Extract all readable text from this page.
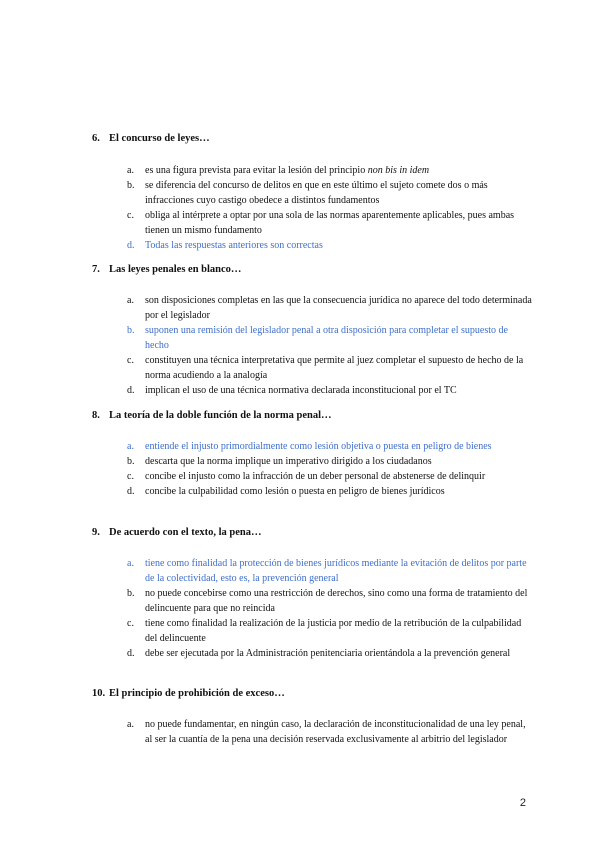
6. El concurso de leyes…

a. es una figura prevista para evitar la lesión del principio non bis in idem
b. se diferencia del concurso de delitos en que en este último el sujeto comete dos o más infracciones cuyo castigo obedece a distintos fundamentos
c. obliga al intérprete a optar por una sola de las normas aparentemente aplicables, pues ambas tienen un mismo fundamento
d. Todas las respuestas anteriores son correctas

7. Las leyes penales en blanco…

a. son disposiciones completas en las que la consecuencia jurídica no aparece del todo determinada por el legislador
b. suponen una remisión del legislador penal a otra disposición para completar el supuesto de hecho
c. constituyen una técnica interpretativa que permite al juez completar el supuesto de hecho de la norma acudiendo a la analogía
d. implican el uso de una técnica normativa declarada inconstitucional por el TC

8. La teoría de la doble función de la norma penal…

a. entiende el injusto primordialmente como lesión objetiva o puesta en peligro de bienes
b. descarta que la norma implique un imperativo dirigido a los ciudadanos
c. concibe el injusto como la infracción de un deber personal de abstenerse de delinquir
d. concibe la culpabilidad como lesión o puesta en peligro de bienes jurídicos

9. De acuerdo con el texto, la pena…

a. tiene como finalidad la protección de bienes jurídicos mediante la evitación de delitos por parte de la colectividad, esto es, la prevención general
b. no puede concebirse como una restricción de derechos, sino como una forma de tratamiento del delincuente para que no reincida
c. tiene como finalidad la realización de la justicia por medio de la retribución de la culpabilidad del delincuente
d. debe ser ejecutada por la Administración penitenciaria orientándola a la prevención general

10. El principio de prohibición de exceso…

a. no puede fundamentar, en ningún caso, la declaración de inconstitucionalidad de una ley penal, al ser la cuantía de la pena una decisión reservada exclusivamente al arbitrio del legislador
2
